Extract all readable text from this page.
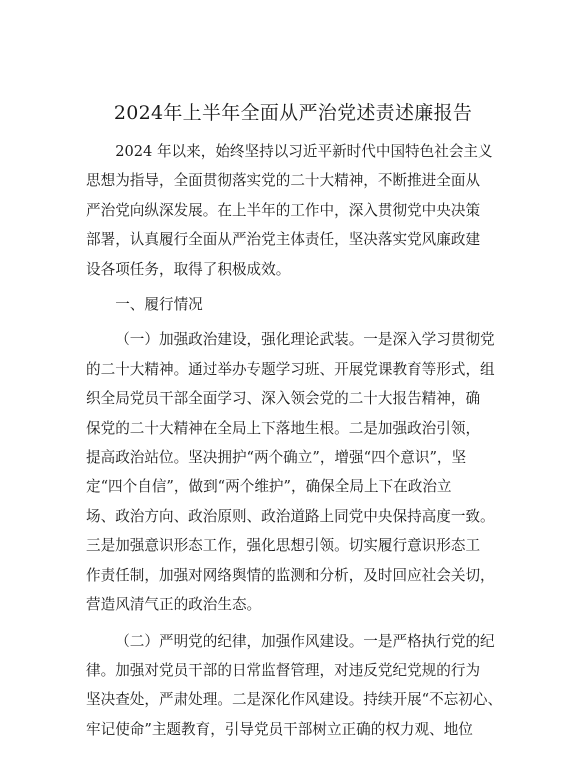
2024年上半年全面从严治党述责述廉报告
2024 年以来，始终坚持以习近平新时代中国特色社会主义
思想为指导，全面贯彻落实党的二十大精神，不断推进全面从
严治党向纵深发展。在上半年的工作中，深入贯彻党中央决策
部署，认真履行全面从严治党主体责任，坚决落实党风廉政建
设各项任务，取得了积极成效。
一、履行情况
（一）加强政治建设，强化理论武装。一是深入学习贯彻党
的二十大精神。通过举办专题学习班、开展党课教育等形式，组
织全局党员干部全面学习、深入领会党的二十大报告精神，确
保党的二十大精神在全局上下落地生根。二是加强政治引领，
提高政治站位。坚决拥护“两个确立”，增强“四个意识”，坚
定“四个自信”，做到“两个维护”，确保全局上下在政治立
场、政治方向、政治原则、政治道路上同党中央保持高度一致。
三是加强意识形态工作，强化思想引领。切实履行意识形态工
作责任制，加强对网络舆情的监测和分析，及时回应社会关切，
营造风清气正的政治生态。
（二）严明党的纪律，加强作风建设。一是严格执行党的纪
律。加强对党员干部的日常监督管理，对违反党纪党规的行为
坚决查处，严肃处理。二是深化作风建设。持续开展“不忘初心、
牢记使命”主题教育，引导党员干部树立正确的权力观、地位
